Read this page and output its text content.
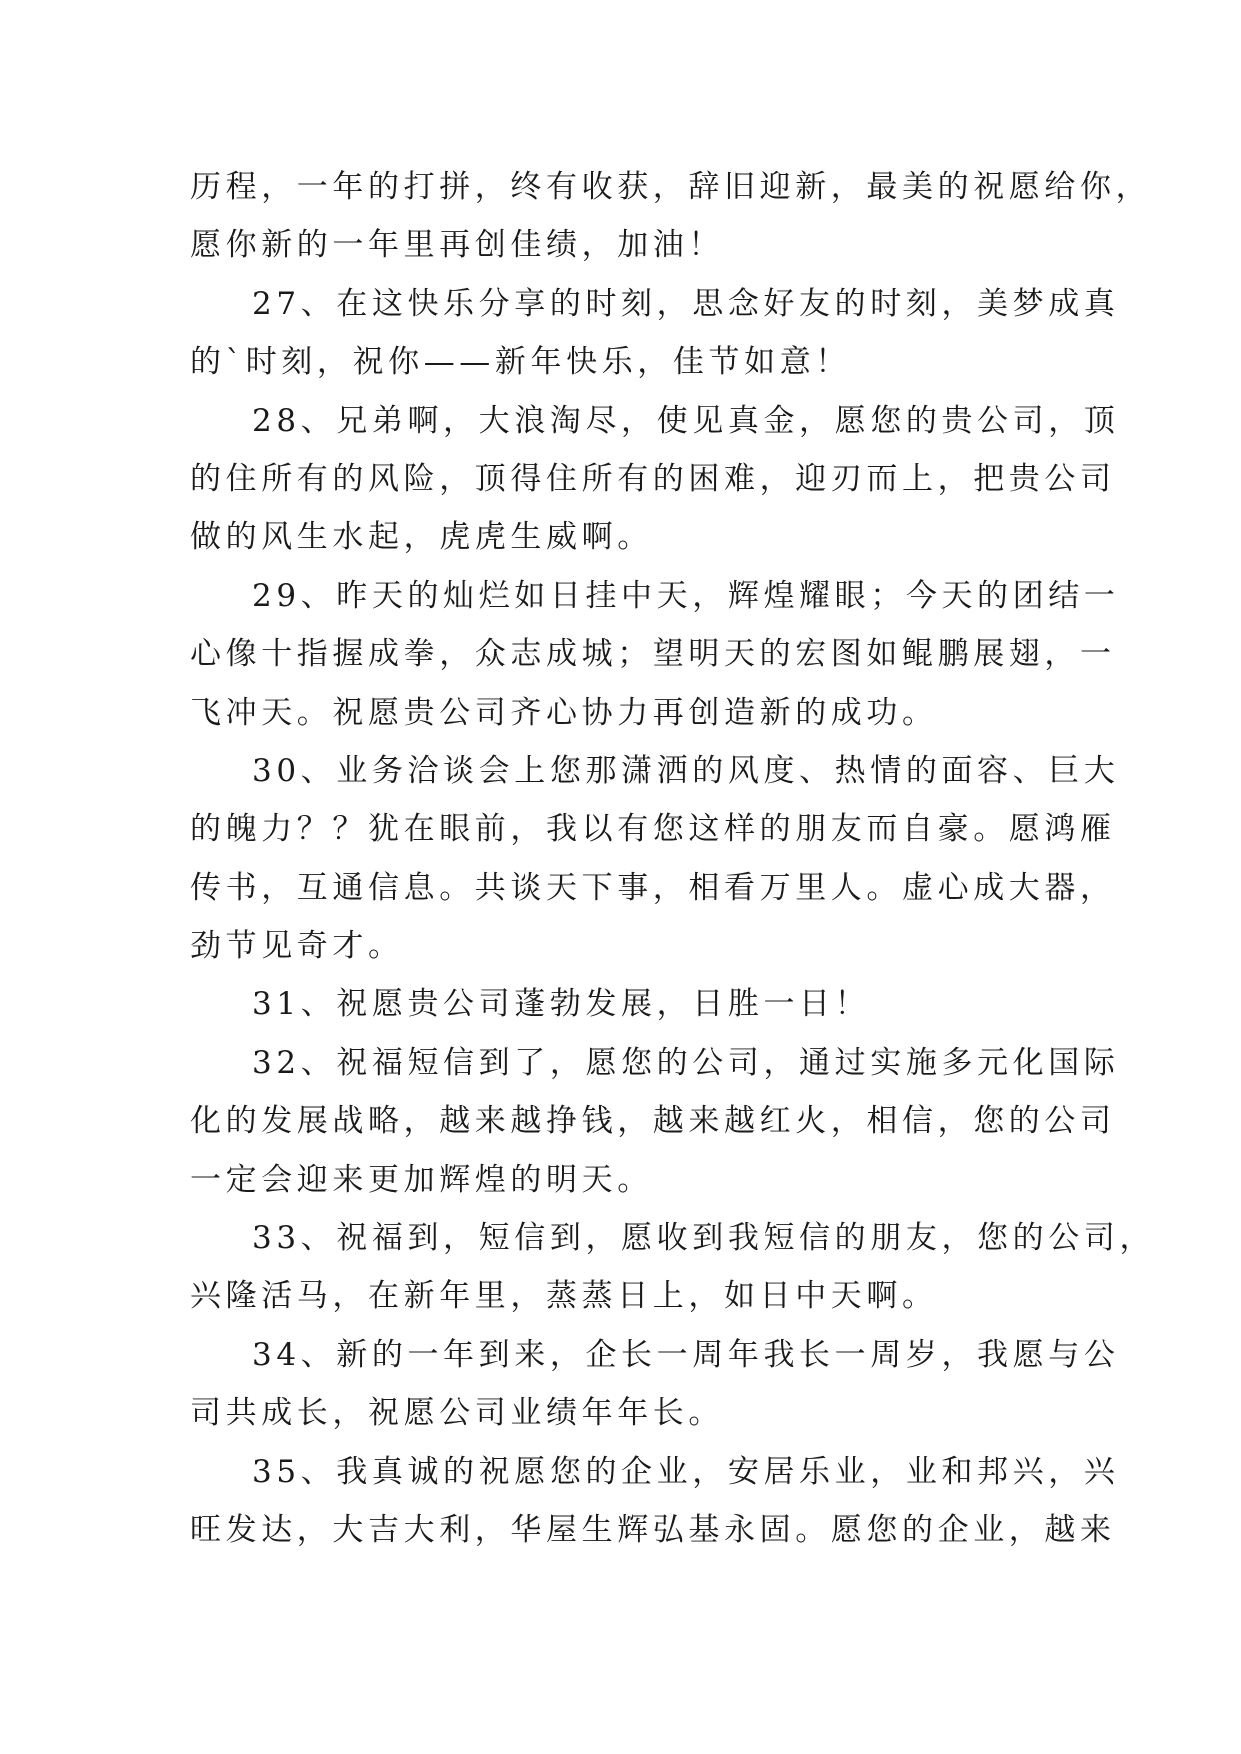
历程，一年的打拼，终有收获，辞旧迎新，最美的祝愿给你，
愿你新的一年里再创佳绩，加油！
27、在这快乐分享的时刻，思念好友的时刻，美梦成真
的`时刻，祝你——新年快乐，佳节如意！
28、兄弟啊，大浪淘尽，使见真金，愿您的贵公司，顶
的住所有的风险，顶得住所有的困难，迎刃而上，把贵公司
做的风生水起，虎虎生威啊。
29、昨天的灿烂如日挂中天，辉煌耀眼；今天的团结一
心像十指握成拳，众志成城；望明天的宏图如鲲鹏展翅，一
飞冲天。祝愿贵公司齐心协力再创造新的成功。
30、业务洽谈会上您那潇洒的风度、热情的面容、巨大
的魄力？？犹在眼前，我以有您这样的朋友而自豪。愿鸿雁
传书，互通信息。共谈天下事，相看万里人。虚心成大器，
劲节见奇才。
31、祝愿贵公司蓬勃发展，日胜一日！
32、祝福短信到了，愿您的公司，通过实施多元化国际
化的发展战略，越来越挣钱，越来越红火，相信，您的公司
一定会迎来更加辉煌的明天。
33、祝福到，短信到，愿收到我短信的朋友，您的公司，
兴隆活马，在新年里，蒸蒸日上，如日中天啊。
34、新的一年到来，企长一周年我长一周岁，我愿与公
司共成长，祝愿公司业绩年年长。
35、我真诚的祝愿您的企业，安居乐业，业和邦兴，兴
旺发达，大吉大利，华屋生辉弘基永固。愿您的企业，越来
